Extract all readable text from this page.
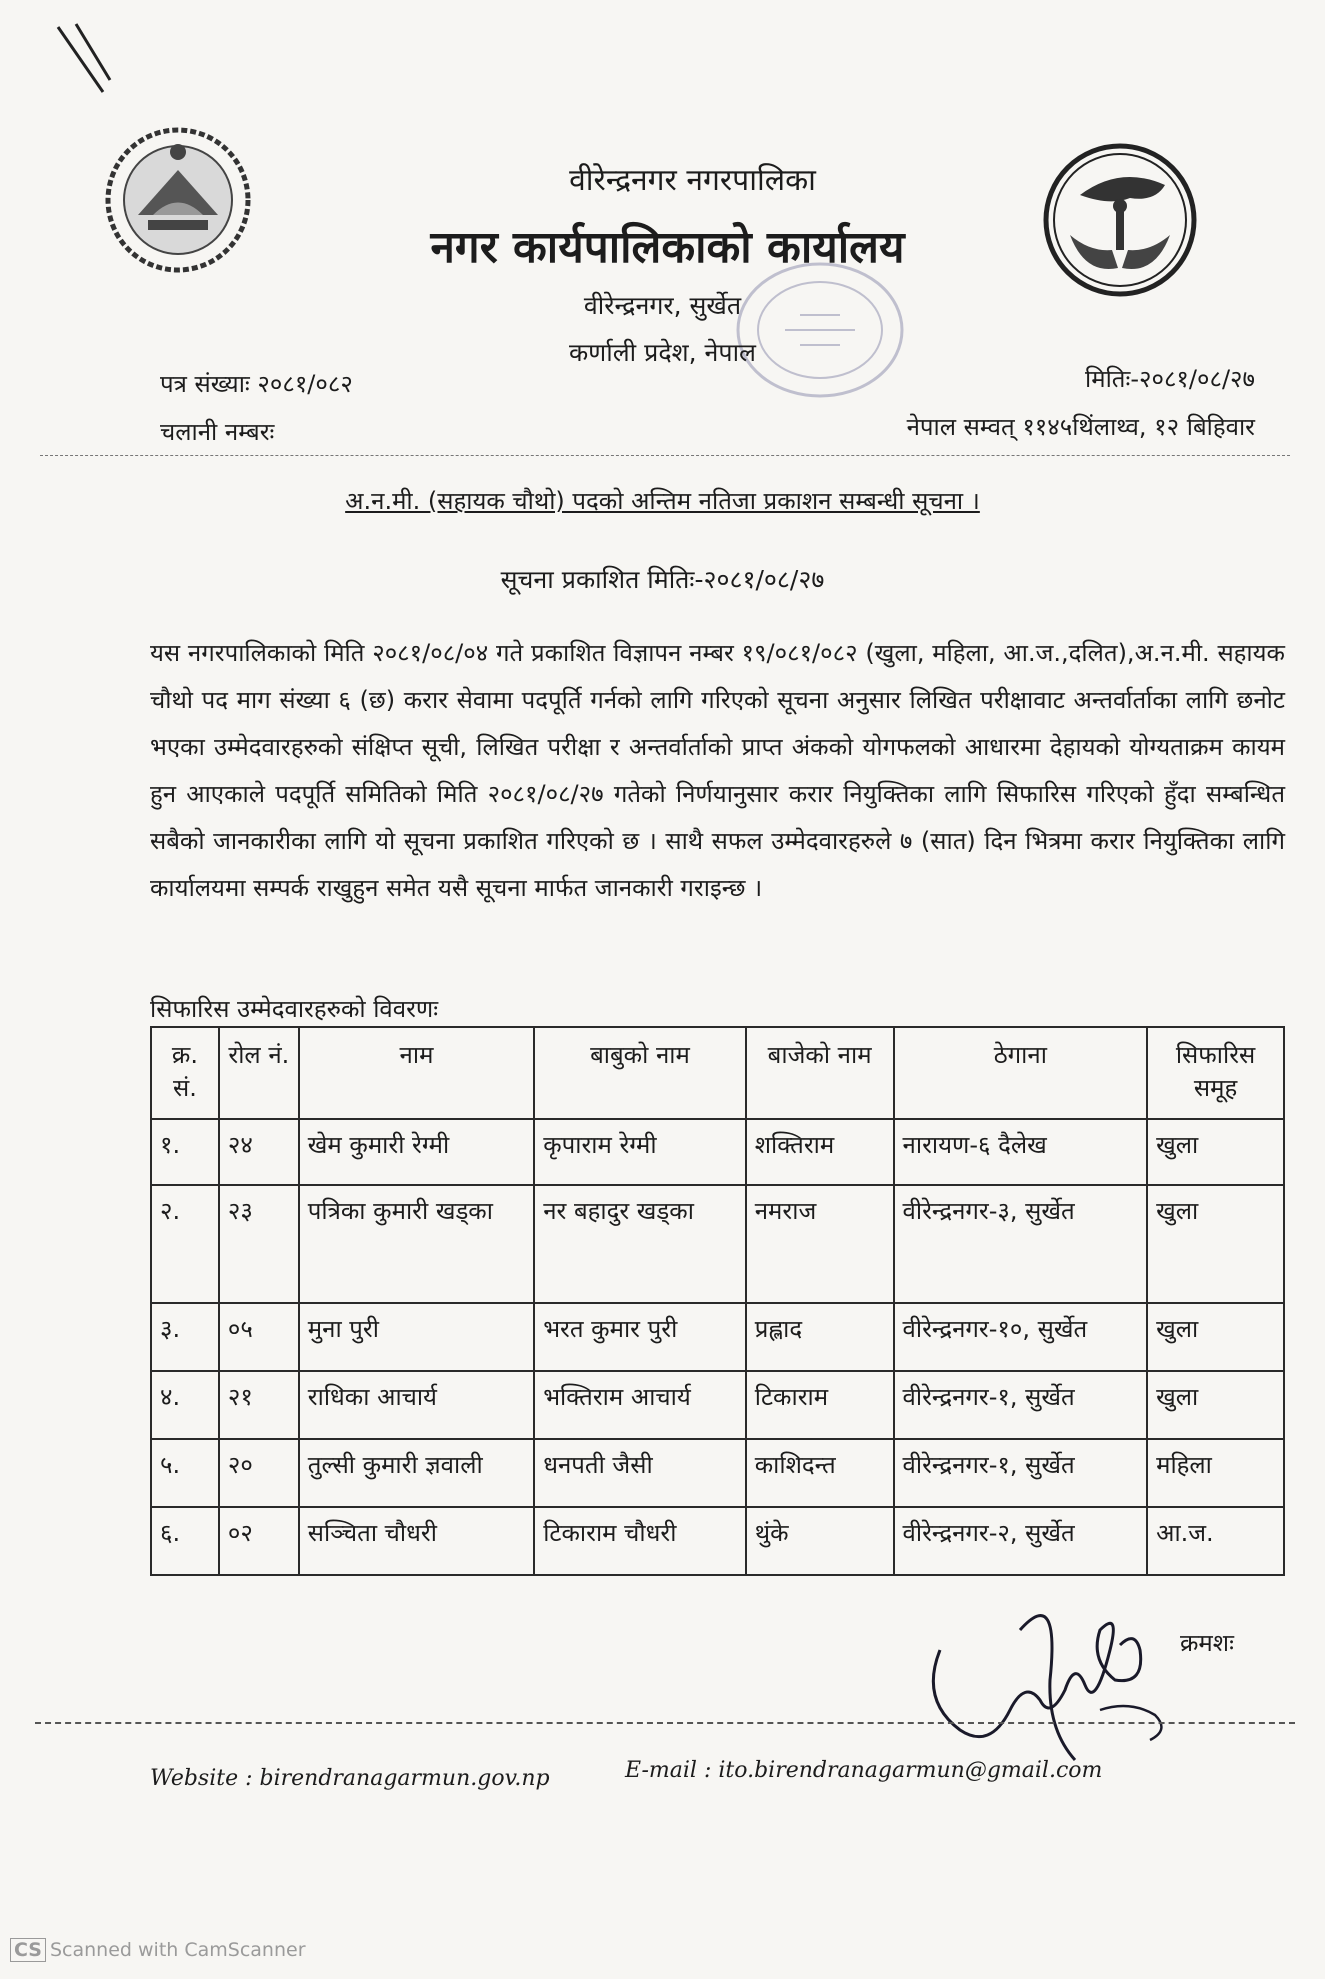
वीरेन्द्रनगर नगरपालिका
नगर कार्यपालिकाको कार्यालय
वीरेन्द्रनगर, सुर्खेत
कर्णाली प्रदेश, नेपाल
पत्र संख्याः २०८१/०८२
चलानी नम्बरः
मितिः-२०८१/०८/२७
नेपाल सम्वत् ११४५थिंलाथ्व, १२ बिहिवार
अ.न.मी. (सहायक चौथो) पदको अन्तिम नतिजा प्रकाशन सम्बन्धी सूचना ।
सूचना प्रकाशित मितिः-२०८१/०८/२७
यस नगरपालिकाको मिति २०८१/०८/०४ गते प्रकाशित विज्ञापन नम्बर १९/०८१/०८२ (खुला, महिला, आ.ज.,दलित),अ.न.मी. सहायक चौथो पद माग संख्या ६ (छ) करार सेवामा पदपूर्ति गर्नको लागि गरिएको सूचना अनुसार लिखित परीक्षावाट अन्तर्वार्ताका लागि छनोट भएका उम्मेदवारहरुको संक्षिप्त सूची, लिखित परीक्षा र अन्तर्वार्ताको प्राप्त अंकको योगफलको आधारमा देहायको योग्यताक्रम कायम हुन आएकाले पदपूर्ति समितिको मिति २०८१/०८/२७ गतेको निर्णयानुसार करार नियुक्तिका लागि सिफारिस गरिएको हुँदा सम्बन्धित सबैको जानकारीका लागि यो सूचना प्रकाशित गरिएको छ । साथै सफल उम्मेदवारहरुले ७ (सात) दिन भित्रमा करार नियुक्तिका लागि कार्यालयमा सम्पर्क राखुहुन समेत यसै सूचना मार्फत जानकारी गराइन्छ ।
सिफारिस उम्मेदवारहरुको विवरणः
क्र. सं.	रोल नं.	नाम	बाबुको नाम	बाजेको नाम	ठेगाना	सिफारिस समूह
१.	२४	खेम कुमारी रेग्मी	कृपाराम रेग्मी	शक्तिराम	नारायण-६ दैलेख	खुला
२.	२३	पत्रिका कुमारी खड्का	नर बहादुर खड्का	नमराज	वीरेन्द्रनगर-३, सुर्खेत	खुला
३.	०५	मुना पुरी	भरत कुमार पुरी	प्रह्लाद	वीरेन्द्रनगर-१०, सुर्खेत	खुला
४.	२१	राधिका आचार्य	भक्तिराम आचार्य	टिकाराम	वीरेन्द्रनगर-१, सुर्खेत	खुला
५.	२०	तुल्सी कुमारी ज्ञवाली	धनपती जैसी	काशिदन्त	वीरेन्द्रनगर-१, सुर्खेत	महिला
६.	०२	सञ्चिता चौधरी	टिकाराम चौधरी	थुंके	वीरेन्द्रनगर-२, सुर्खेत	आ.ज.
क्रमशः
Website : birendranagarmun.gov.np	E-mail : ito.birendranagarmun@gmail.com
CS Scanned with CamScanner
